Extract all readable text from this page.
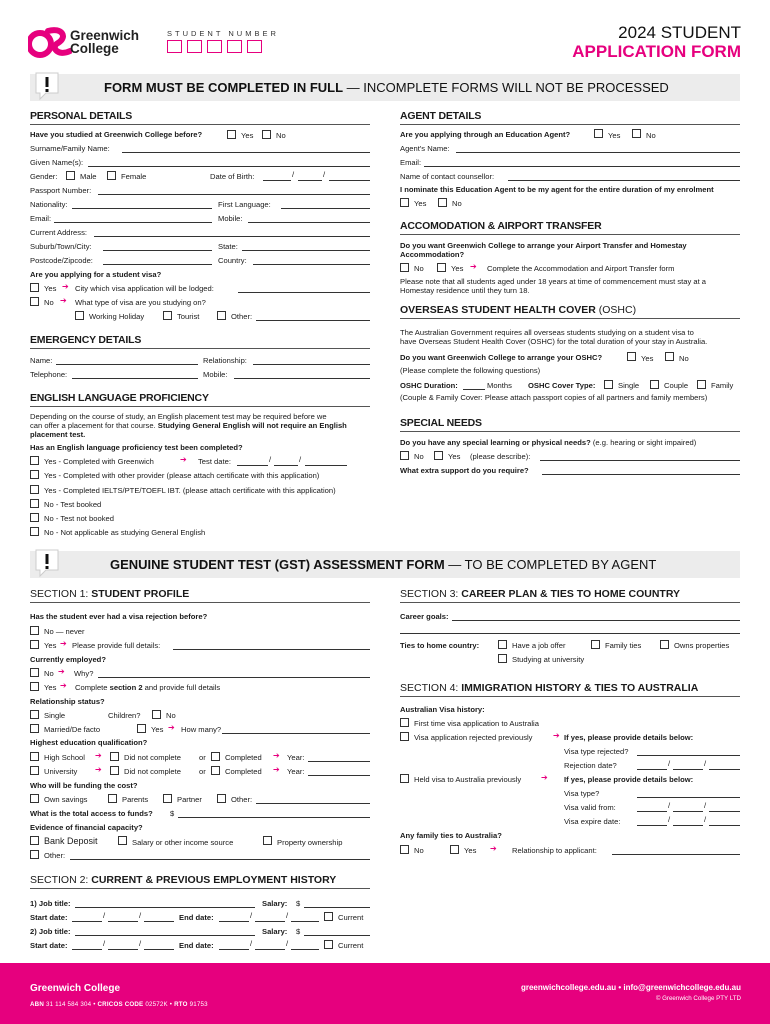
Greenwich
College
STUDENT NUMBER	2024 STUDENT
APPLICATION FORM
FORM MUST BE COMPLETED IN FULL — INCOMPLETE FORMS WILL NOT BE PROCESSED
PERSONAL DETAILS
Have you studied at Greenwich College before?	Yes	No
Surname/Family Name:
Given Name(s):
Gender:	Male	Female	Date of Birth:	/	/
Passport Number:
Nationality:	First Language:
Email:	Mobile:
Current Address:
Suburb/Town/City:	State:
Postcode/Zipcode:	Country:
Are you applying for a student visa?
Yes ➔ City which visa application will be lodged:
No ➔ What type of visa are you studying on?
Working Holiday	Tourist	Other:
EMERGENCY DETAILS
Name:	Relationship:
Telephone:	Mobile:
ENGLISH LANGUAGE PROFICIENCY
Depending on the course of study, an English placement test may be required before we
can offer a placement for that course. Studying General English will not require an English
placement test.
Has an English language proficiency test been completed?
Yes - Completed with Greenwich	➔ Test date:	/	/
Yes - Completed with other provider (please attach certificate with this application)
Yes - Completed IELTS/PTE/TOEFL IBT. (please attach certificate with this application)
No - Test booked
No - Test not booked
No - Not applicable as studying General English
AGENT DETAILS
Are you applying through an Education Agent?	Yes	No
Agent's Name:
Email:
Name of contact counsellor:
I nominate this Education Agent to be my agent for the entire duration of my enrolment
Yes	No
ACCOMODATION & AIRPORT TRANSFER
Do you want Greenwich College to arrange your Airport Transfer and Homestay
Accommodation?
No	Yes ➔ Complete the Accommodation and Airport Transfer form
Please note that all students aged under 18 years at time of commencement must stay at a
Homestay residence until they turn 18.
OVERSEAS STUDENT HEALTH COVER (OSHC)
The Australian Government requires all overseas students studying on a student visa to
have Overseas Student Health Cover (OSHC) for the total duration of your stay in Australia.
Do you want Greenwich College to arrange your OSHC?	Yes	No
(Please complete the following questions)
OSHC Duration:	Months OSHC Cover Type:	Single	Couple	Family
(Couple & Family Cover: Please attach passport copies of all partners and family members)
SPECIAL NEEDS
Do you have any special learning or physical needs? (e.g. hearing or sight impaired)
No	Yes (please describe):
What extra support do you require?
GENUINE STUDENT TEST (GST) ASSESSMENT FORM — TO BE COMPLETED BY AGENT
SECTION 1: STUDENT PROFILE
Has the student ever had a visa rejection before?
No — never
Yes ➔ Please provide full details:
Currently employed?
No ➔ Why?
Yes ➔ Complete section 2 and provide full details
Relationship status?
Single	Children?	No
Married/De facto	Yes ➔ How many?
Highest education qualification?
High School ➔	Did not complete or	Completed ➔ Year:
University ➔	Did not complete or	Completed ➔ Year:
Who will be funding the cost?
Own savings	Parents	Partner	Other:
What is the total access to funds? $
Evidence of financial capacity?
Bank Deposit	Salary or other income source	Property ownership
Other:
SECTION 2: CURRENT & PREVIOUS EMPLOYMENT HISTORY
1) Job title:	Salary: $
Start date:	/	/	End date:	/	/	Current
2) Job title:	Salary: $
Start date:	/	/	End date:	/	/	Current
SECTION 3: CAREER PLAN & TIES TO HOME COUNTRY
Career goals:
Ties to home country:	Have a job offer	Family ties	Owns properties
Studying at university
SECTION 4: IMMIGRATION HISTORY & TIES TO AUSTRALIA
Australian Visa history:
First time visa application to Australia
Visa application rejected previously	➔ If yes, please provide details below:
Visa type rejected?
Rejection date?	/	/
Held visa to Australia previously ➔ If yes, please provide details below:
Visa type?
Visa valid from:	/	/
Visa expire date:	/	/
Any family ties to Australia?
No	Yes ➔ Relationship to applicant:
Greenwich College
ABN 31 114 584 304 • CRICOS CODE 02572K • RTO 91753
greenwichcollege.edu.au • info@greenwichcollege.edu.au
© Greenwich College PTY LTD
